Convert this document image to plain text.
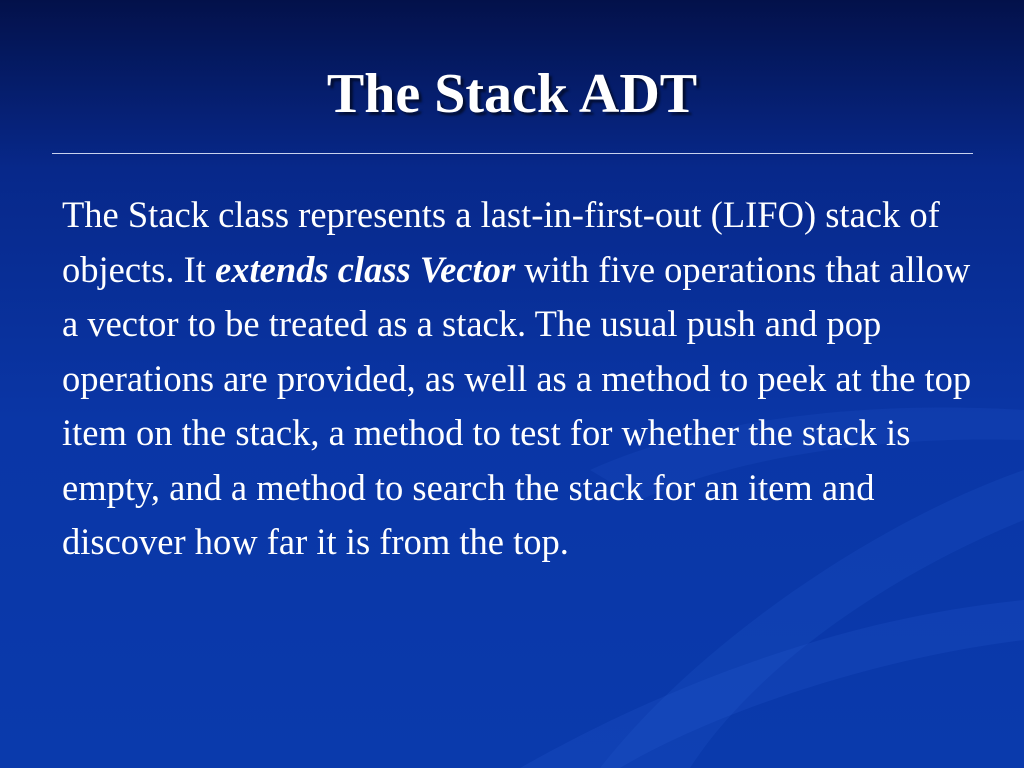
The Stack ADT

The Stack class represents a last-in-first-out (LIFO) stack of objects. It extends class Vector with five operations that allow a vector to be treated as a stack. The usual push and pop operations are provided, as well as a method to peek at the top item on the stack, a method to test for whether the stack is empty, and a method to search the stack for an item and discover how far it is from the top.
